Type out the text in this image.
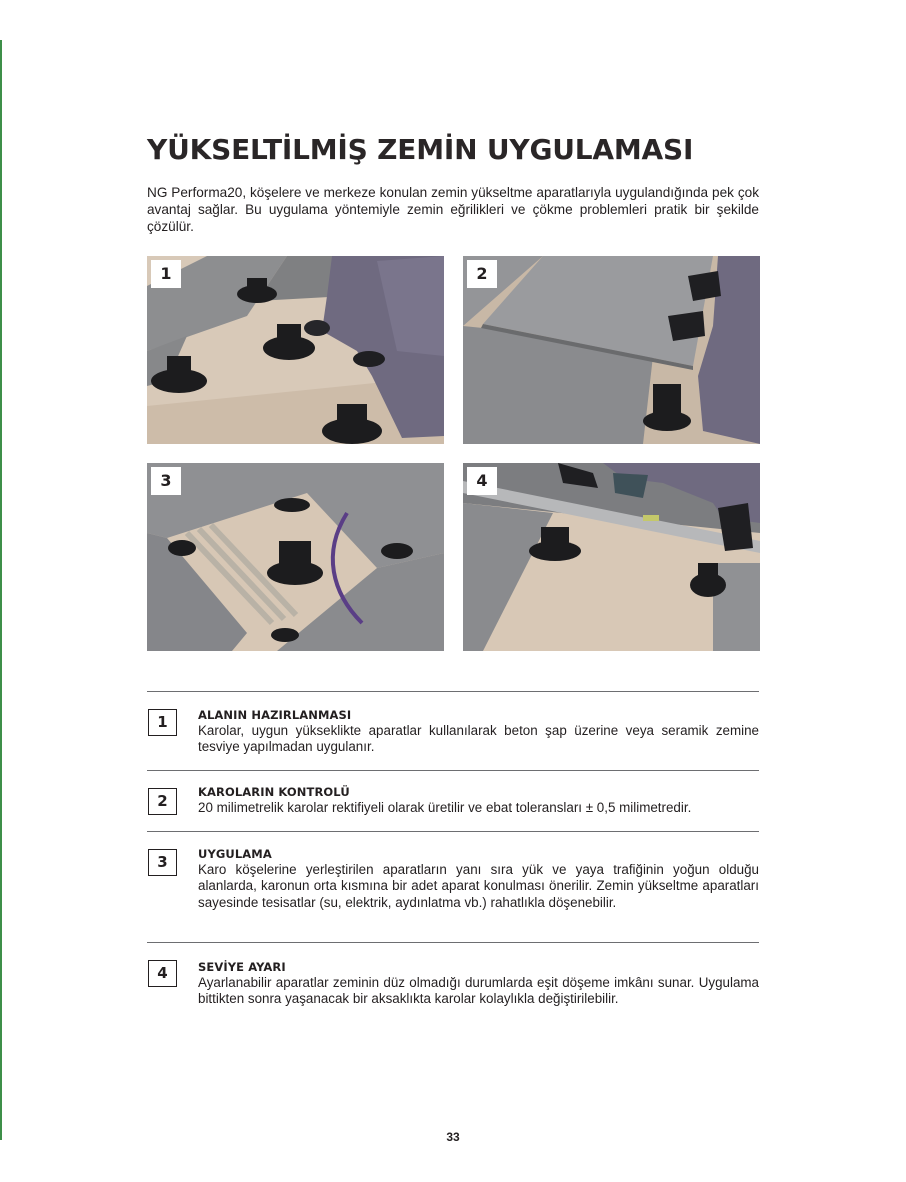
YÜKSELTİLMİŞ ZEMİN UYGULAMASI

NG Performa20, köşelere ve merkeze konulan zemin yükseltme aparatlarıyla uygulandığında pek çok avantaj sağlar. Bu uygulama yöntemiyle zemin eğrilikleri ve çökme problemleri pratik bir şekilde çözülür.

1	2
3	4
1	ALANIN HAZIRLANMASI

Karolar, uygun yükseklikte aparatlar kullanılarak beton şap üzerine veya seramik zemine tesviye yapılmadan uygulanır.

2	KAROLARIN KONTROLÜ

20 milimetrelik karolar rektifiyeli olarak üretilir ve ebat toleransları ± 0,5 milimetredir.

3	UYGULAMA

Karo köşelerine yerleştirilen aparatların yanı sıra yük ve yaya trafiğinin yoğun olduğu alanlarda, karonun orta kısmına bir adet aparat konulması önerilir. Zemin yükseltme aparatları sayesinde tesisatlar (su, elektrik, aydınlatma vb.) rahatlıkla döşenebilir.

4	SEVİYE AYARI

Ayarlanabilir aparatlar zeminin düz olmadığı durumlarda eşit döşeme imkânı sunar. Uygulama bittikten sonra yaşanacak bir aksaklıkta karolar kolaylıkla değiştirilebilir.

33
